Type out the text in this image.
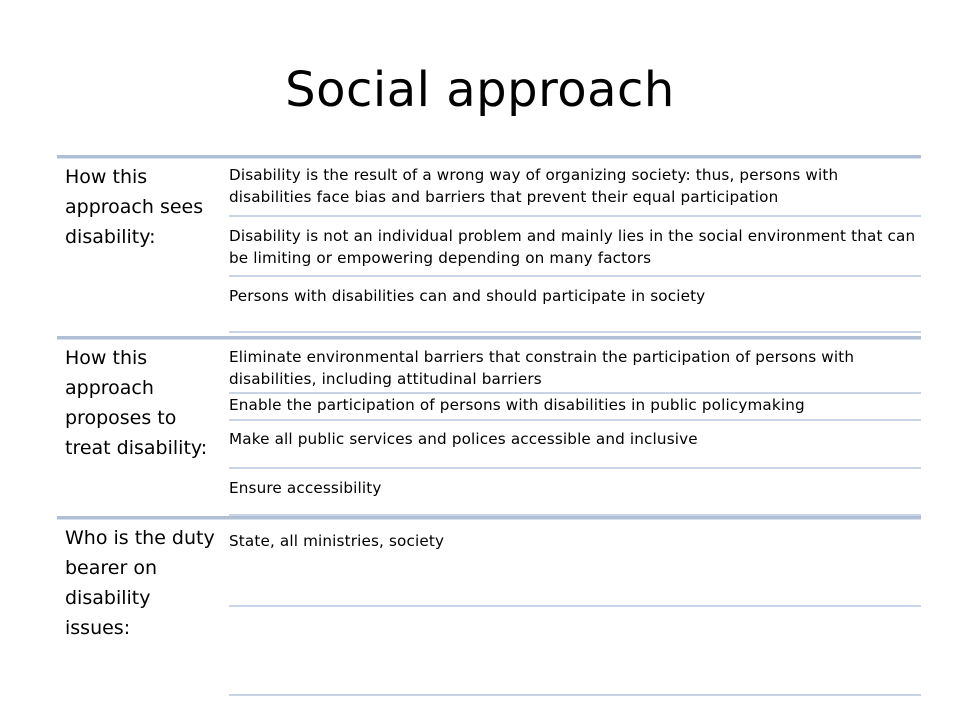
Social approach
How this approach sees disability:
Disability is the result of a wrong way of organizing society: thus, persons with disabilities face bias and barriers that prevent their equal participation
Disability is not an individual problem and mainly lies in the social environment that can be limiting or empowering depending on many factors
Persons with disabilities can and should participate in society
How this approach proposes to treat disability:
Eliminate environmental barriers that constrain the participation of persons with disabilities, including attitudinal barriers
Enable the participation of persons with disabilities in public policymaking
Make all public services and polices accessible and inclusive
Ensure accessibility
Who is the duty bearer on disability issues:
State, all ministries, society
